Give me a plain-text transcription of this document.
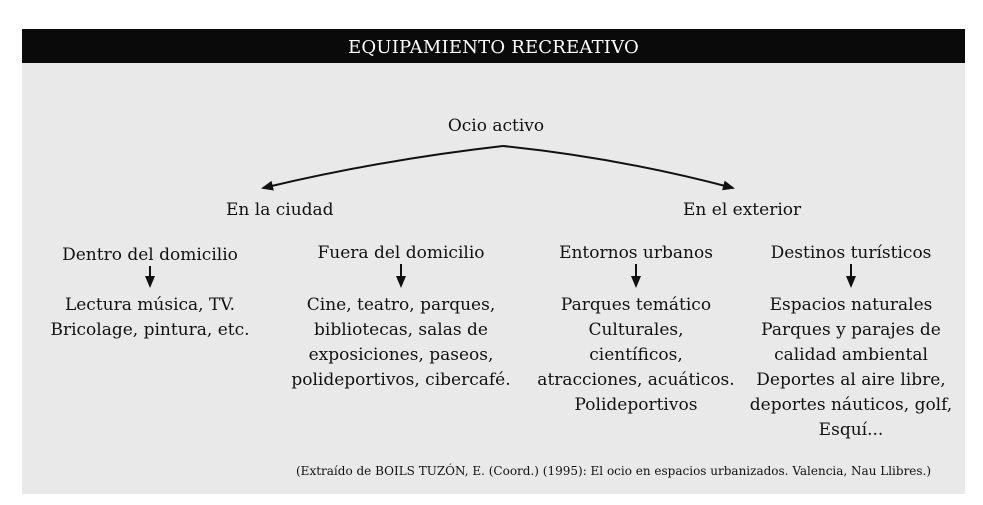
EQUIPAMIENTO RECREATIVO
Ocio activo
En la ciudad	En el exterior
Dentro del domicilio	Fuera del domicilio	Entornos urbanos	Destinos turísticos
Lectura música, TV.
Bricolage, pintura, etc.
Cine, teatro, parques,
bibliotecas, salas de
exposiciones, paseos,
polideportivos, cibercafé.
Parques temático
Culturales,
científicos,
atracciones, acuáticos.
Polideportivos
Espacios naturales
Parques y parajes de
calidad ambiental
Deportes al aire libre,
deportes náuticos, golf,
Esquí...
(Extraído de BOILS TUZÓN, E. (Coord.) (1995): El ocio en espacios urbanizados. Valencia, Nau Llibres.)
